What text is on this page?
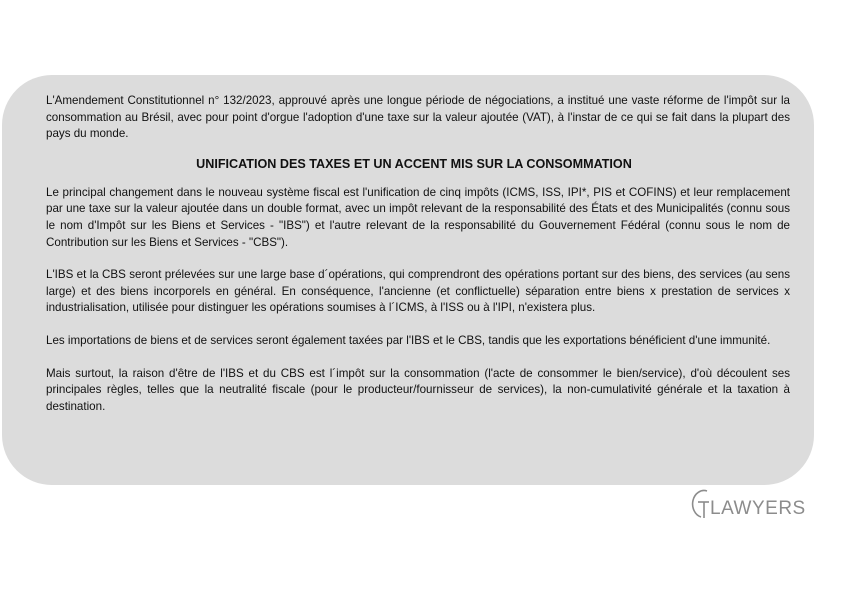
L'Amendement Constitutionnel n° 132/2023, approuvé après une longue période de négociations, a institué une vaste réforme de l'impôt sur la consommation au Brésil, avec pour point d'orgue l'adoption d'une taxe sur la valeur ajoutée (VAT), à l'instar de ce qui se fait dans la plupart des pays du monde.

UNIFICATION DES TAXES ET UN ACCENT MIS SUR LA CONSOMMATION

Le principal changement dans le nouveau système fiscal est l'unification de cinq impôts (ICMS, ISS, IPI*, PIS et COFINS) et leur remplacement par une taxe sur la valeur ajoutée dans un double format, avec un impôt relevant de la responsabilité des États et des Municipalités (connu sous le nom d'Impôt sur les Biens et Services - "IBS") et l'autre relevant de la responsabilité du Gouvernement Fédéral (connu sous le nom de Contribution sur les Biens et Services - "CBS").

L'IBS et la CBS seront prélevées sur une large base d´opérations, qui comprendront des opérations portant sur des biens, des services (au sens large) et des biens incorporels en général. En conséquence, l'ancienne (et conflictuelle) séparation entre biens x prestation de services x industrialisation, utilisée pour distinguer les opérations soumises à l´ICMS, à l'ISS ou à l'IPI, n'existera plus.

Les importations de biens et de services seront également taxées par l'IBS et le CBS, tandis que les exportations bénéficient d'une immunité.

Mais surtout, la raison d'être de l'IBS et du CBS est l´impôt sur la consommation (l'acte de consommer le bien/service), d'où découlent ses principales règles, telles que la neutralité fiscale (pour le producteur/fournisseur de services), la non-cumulativité générale et la taxation à destination.

LAWYERS
